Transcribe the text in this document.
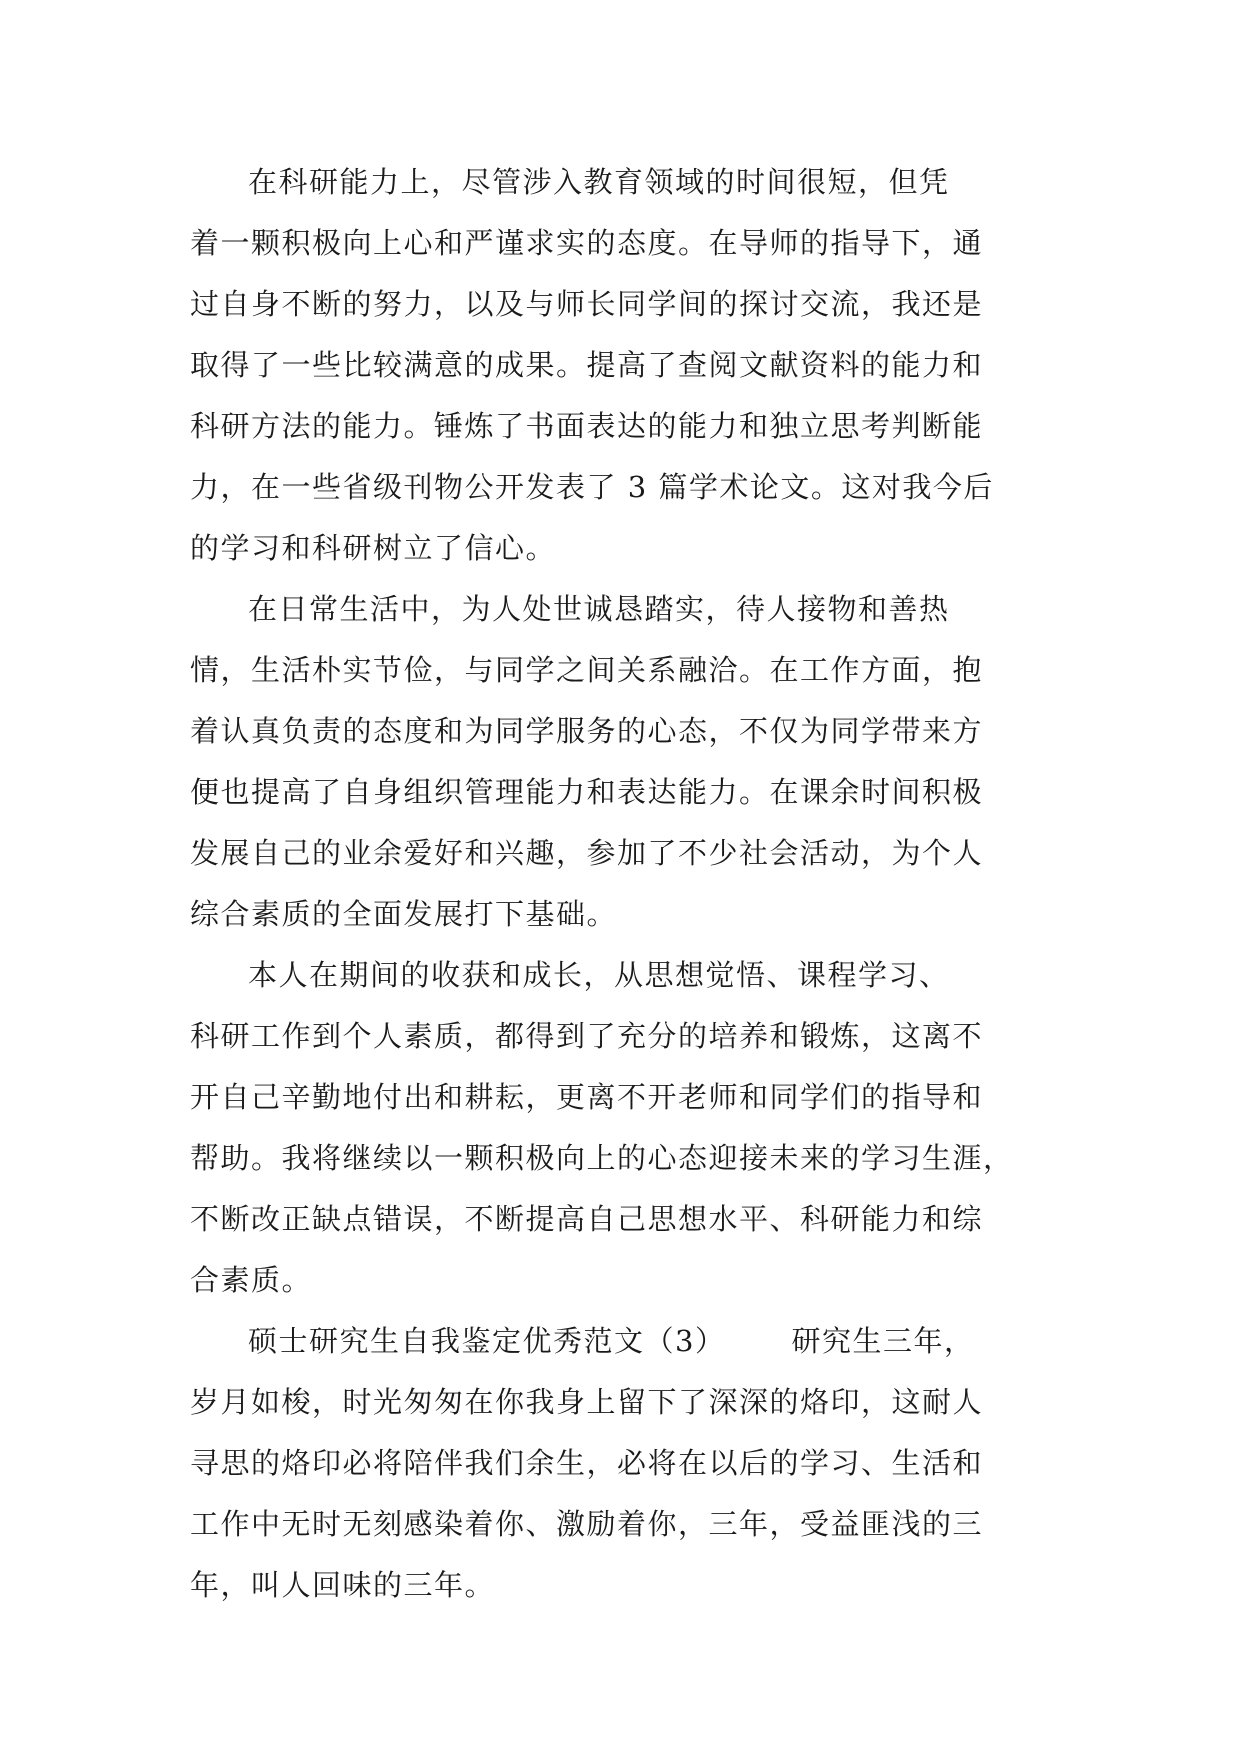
在科研能力上，尽管涉入教育领域的时间很短，但凭
着一颗积极向上心和严谨求实的态度。在导师的指导下，通
过自身不断的努力，以及与师长同学间的探讨交流，我还是
取得了一些比较满意的成果。提高了查阅文献资料的能力和
科研方法的能力。锤炼了书面表达的能力和独立思考判断能
力，在一些省级刊物公开发表了 3 篇学术论文。这对我今后
的学习和科研树立了信心。

在日常生活中，为人处世诚恳踏实，待人接物和善热
情，生活朴实节俭，与同学之间关系融洽。在工作方面，抱
着认真负责的态度和为同学服务的心态，不仅为同学带来方
便也提高了自身组织管理能力和表达能力。在课余时间积极
发展自己的业余爱好和兴趣，参加了不少社会活动，为个人
综合素质的全面发展打下基础。

本人在期间的收获和成长，从思想觉悟、课程学习、
科研工作到个人素质，都得到了充分的培养和锻炼，这离不
开自己辛勤地付出和耕耘，更离不开老师和同学们的指导和
帮助。我将继续以一颗积极向上的心态迎接未来的学习生涯，
不断改正缺点错误，不断提高自己思想水平、科研能力和综
合素质。

硕士研究生自我鉴定优秀范文（3） 研究生三年，
岁月如梭，时光匆匆在你我身上留下了深深的烙印，这耐人
寻思的烙印必将陪伴我们余生，必将在以后的学习、生活和
工作中无时无刻感染着你、激励着你，三年，受益匪浅的三
年，叫人回味的三年。
